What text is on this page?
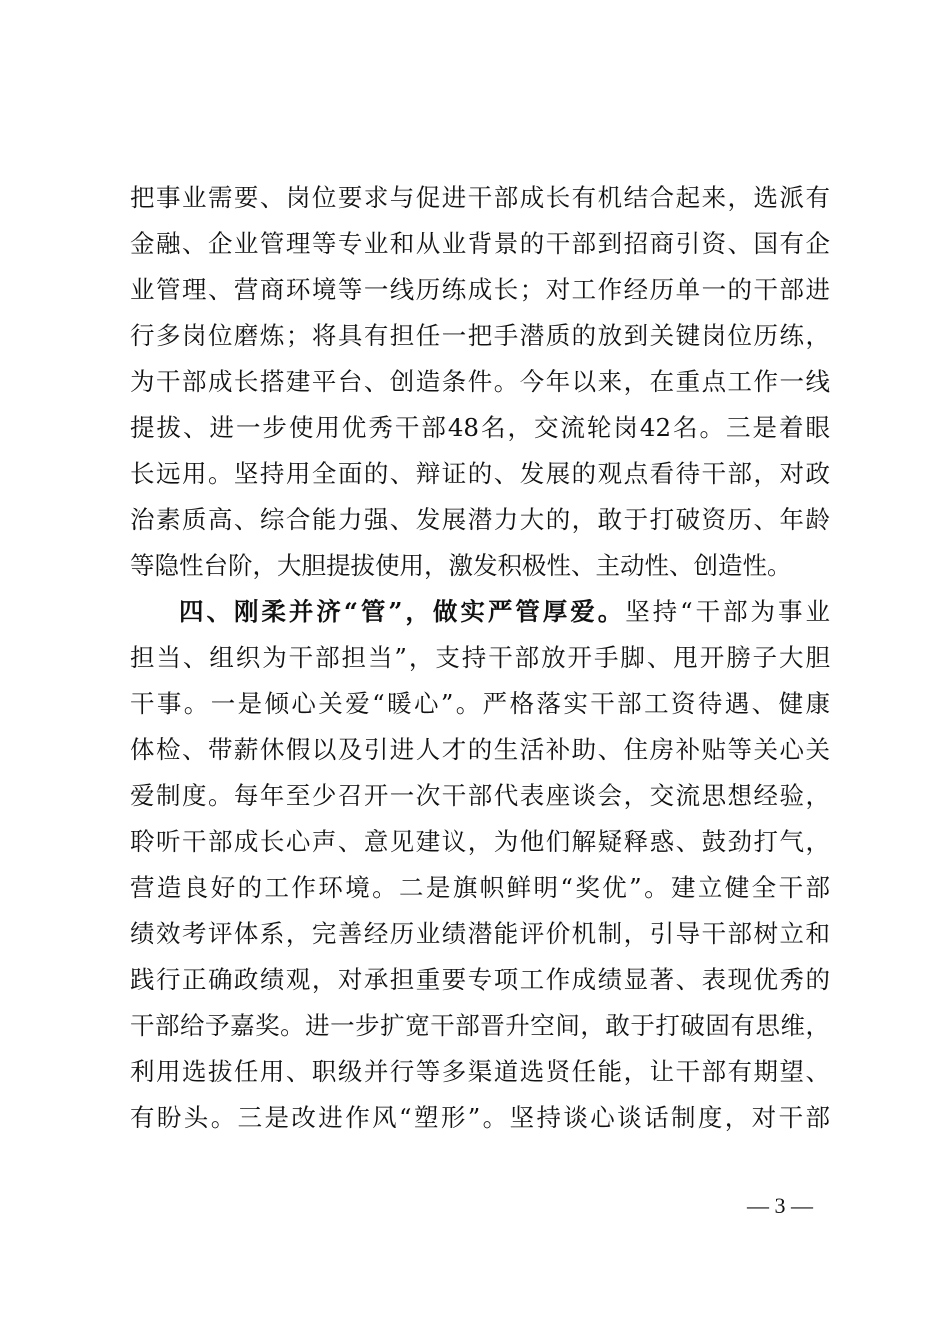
把事业需要、岗位要求与促进干部成长有机结合起来，选派有
金融、企业管理等专业和从业背景的干部到招商引资、国有企
业管理、营商环境等一线历练成长；对工作经历单一的干部进
行多岗位磨炼；将具有担任一把手潜质的放到关键岗位历练，
为干部成长搭建平台、创造条件。今年以来，在重点工作一线
提拔、进一步使用优秀干部48名，交流轮岗42名。三是着眼
长远用。坚持用全面的、辩证的、发展的观点看待干部，对政
治素质高、综合能力强、发展潜力大的，敢于打破资历、年龄
等隐性台阶，大胆提拔使用，激发积极性、主动性、创造性。
四、刚柔并济“管”，做实严管厚爱。坚持“干部为事业
担当、组织为干部担当”，支持干部放开手脚、甩开膀子大胆
干事。一是倾心关爱“暖心”。严格落实干部工资待遇、健康
体检、带薪休假以及引进人才的生活补助、住房补贴等关心关
爱制度。每年至少召开一次干部代表座谈会，交流思想经验，
聆听干部成长心声、意见建议，为他们解疑释惑、鼓劲打气，
营造良好的工作环境。二是旗帜鲜明“奖优”。建立健全干部
绩效考评体系，完善经历业绩潜能评价机制，引导干部树立和
践行正确政绩观，对承担重要专项工作成绩显著、表现优秀的
干部给予嘉奖。进一步扩宽干部晋升空间，敢于打破固有思维，
利用选拔任用、职级并行等多渠道选贤任能，让干部有期望、
有盼头。三是改进作风“塑形”。坚持谈心谈话制度，对干部
— 3 —
